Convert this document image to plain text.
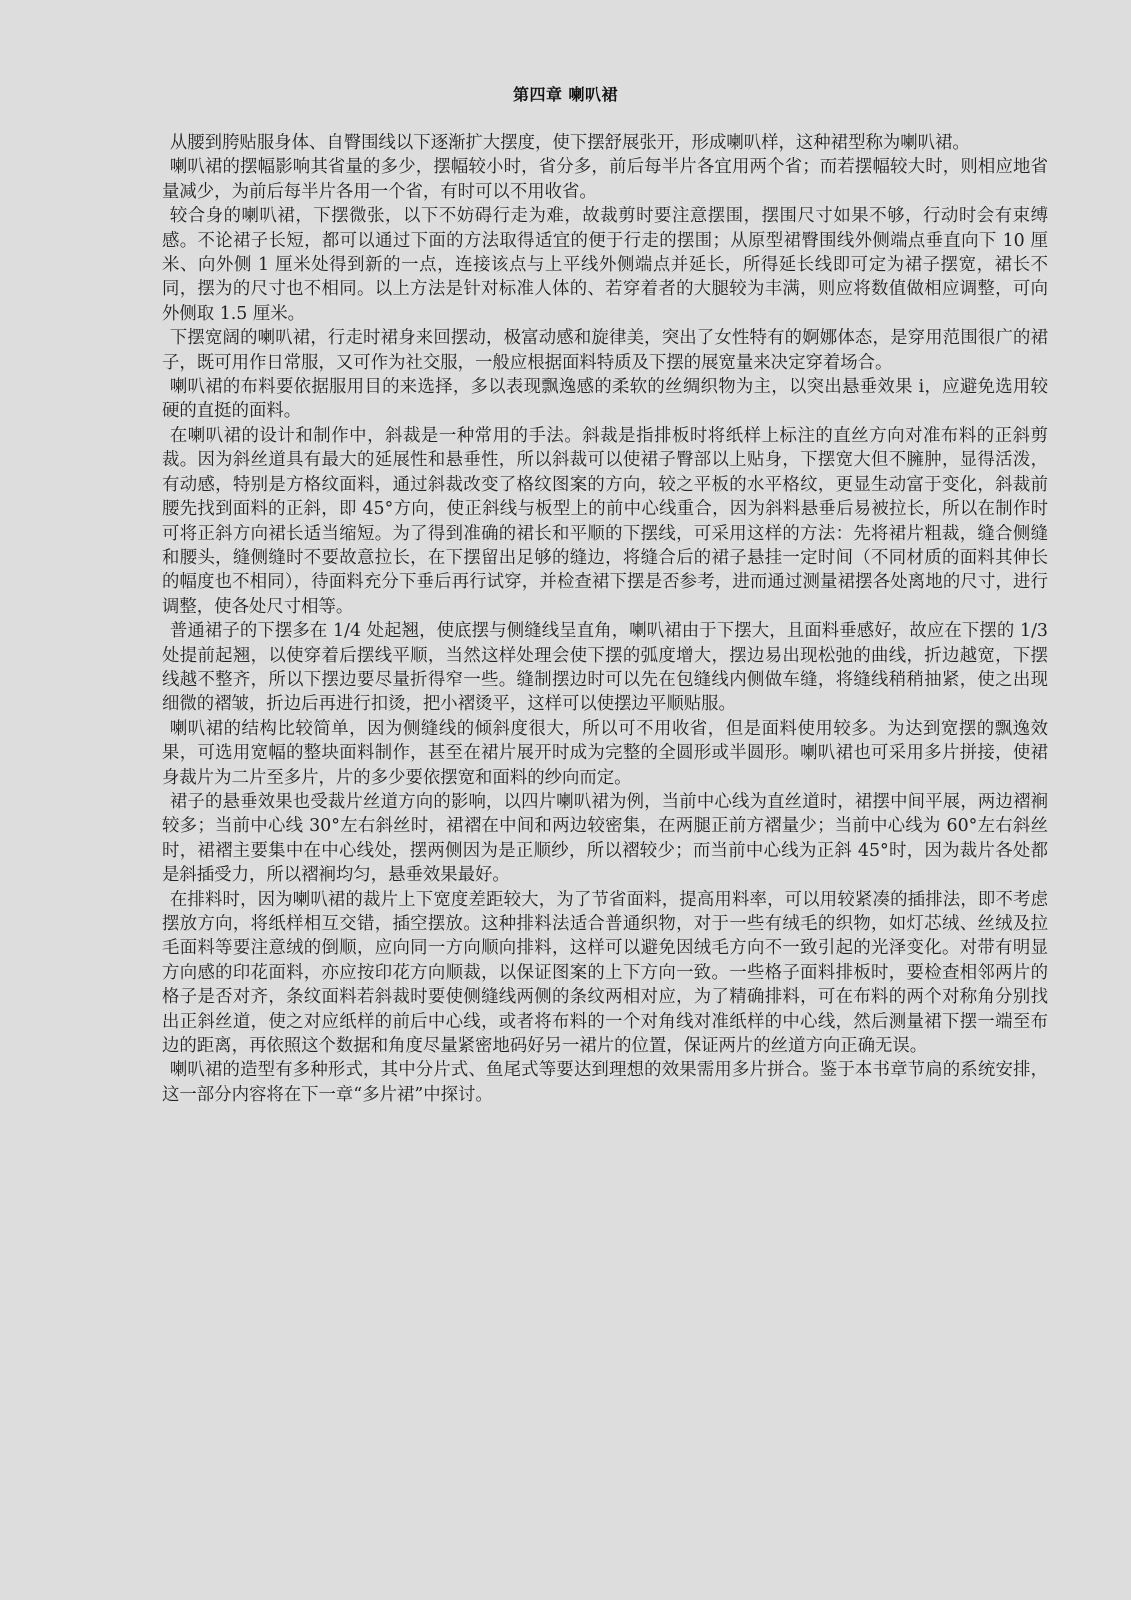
第四章 喇叭裙

从腰到胯贴服身体、自臀围线以下逐渐扩大摆度，使下摆舒展张开，形成喇叭样，这种裙型称为喇叭裙。

喇叭裙的摆幅影响其省量的多少，摆幅较小时，省分多，前后每半片各宜用两个省；而若摆幅较大时，则相应地省量减少，为前后每半片各用一个省，有时可以不用收省。

较合身的喇叭裙，下摆微张，以下不妨碍行走为难，故裁剪时要注意摆围，摆围尺寸如果不够，行动时会有束缚感。不论裙子长短，都可以通过下面的方法取得适宜的便于行走的摆围；从原型裙臀围线外侧端点垂直向下 10 厘米、向外侧 1 厘米处得到新的一点，连接该点与上平线外侧端点并延长，所得延长线即可定为裙子摆宽，裙长不同，摆为的尺寸也不相同。以上方法是针对标准人体的、若穿着者的大腿较为丰满，则应将数值做相应调整，可向外侧取 1.5 厘米。

下摆宽阔的喇叭裙，行走时裙身来回摆动，极富动感和旋律美，突出了女性特有的婀娜体态，是穿用范围很广的裙子，既可用作日常服，又可作为社交服，一般应根据面料特质及下摆的展宽量来决定穿着场合。

喇叭裙的布料要依据服用目的来选择，多以表现飘逸感的柔软的丝绸织物为主，以突出悬垂效果 i，应避免选用较硬的直挺的面料。

在喇叭裙的设计和制作中，斜裁是一种常用的手法。斜裁是指排板时将纸样上标注的直丝方向对准布料的正斜剪裁。因为斜丝道具有最大的延展性和悬垂性，所以斜裁可以使裙子臀部以上贴身，下摆宽大但不臃肿，显得活泼，有动感，特别是方格纹面料，通过斜裁改变了格纹图案的方向，较之平板的水平格纹，更显生动富于变化，斜裁前腰先找到面料的正斜，即 45°方向，使正斜线与板型上的前中心线重合，因为斜料悬垂后易被拉长，所以在制作时可将正斜方向裙长适当缩短。为了得到准确的裙长和平顺的下摆线，可采用这样的方法：先将裙片粗裁，缝合侧缝和腰头，缝侧缝时不要故意拉长，在下摆留出足够的缝边，将缝合后的裙子悬挂一定时间（不同材质的面料其伸长的幅度也不相同），待面料充分下垂后再行试穿，并检查裙下摆是否参考，进而通过测量裙摆各处离地的尺寸，进行调整，使各处尺寸相等。

普通裙子的下摆多在 1/4 处起翘，使底摆与侧缝线呈直角，喇叭裙由于下摆大，且面料垂感好，故应在下摆的 1/3 处提前起翘，以使穿着后摆线平顺，当然这样处理会使下摆的弧度增大，摆边易出现松弛的曲线，折边越宽，下摆线越不整齐，所以下摆边要尽量折得窄一些。缝制摆边时可以先在包缝线内侧做车缝，将缝线稍稍抽紧，使之出现细微的褶皱，折边后再进行扣烫，把小褶烫平，这样可以使摆边平顺贴服。

喇叭裙的结构比较简单，因为侧缝线的倾斜度很大，所以可不用收省，但是面料使用较多。为达到宽摆的飘逸效果，可选用宽幅的整块面料制作，甚至在裙片展开时成为完整的全圆形或半圆形。喇叭裙也可采用多片拼接，使裙身裁片为二片至多片，片的多少要依摆宽和面料的纱向而定。

裙子的悬垂效果也受裁片丝道方向的影响，以四片喇叭裙为例，当前中心线为直丝道时，裙摆中间平展，两边褶裥较多；当前中心线 30°左右斜丝时，裙褶在中间和两边较密集，在两腿正前方褶量少；当前中心线为 60°左右斜丝时，裙褶主要集中在中心线处，摆两侧因为是正顺纱，所以褶较少；而当前中心线为正斜 45°时，因为裁片各处都是斜插受力，所以褶裥均匀，悬垂效果最好。

在排料时，因为喇叭裙的裁片上下宽度差距较大，为了节省面料，提高用料率，可以用较紧凑的插排法，即不考虑摆放方向，将纸样相互交错，插空摆放。这种排料法适合普通织物，对于一些有绒毛的织物，如灯芯绒、丝绒及拉毛面料等要注意绒的倒顺，应向同一方向顺向排料，这样可以避免因绒毛方向不一致引起的光泽变化。对带有明显方向感的印花面料，亦应按印花方向顺裁，以保证图案的上下方向一致。一些格子面料排板时，要检查相邻两片的格子是否对齐，条纹面料若斜裁时要使侧缝线两侧的条纹两相对应，为了精确排料，可在布料的两个对称角分别找出正斜丝道，使之对应纸样的前后中心线，或者将布料的一个对角线对准纸样的中心线，然后测量裙下摆一端至布边的距离，再依照这个数据和角度尽量紧密地码好另一裙片的位置，保证两片的丝道方向正确无误。

喇叭裙的造型有多种形式，其中分片式、鱼尾式等要达到理想的效果需用多片拼合。鉴于本书章节扃的系统安排，这一部分内容将在下一章“多片裙”中探讨。
